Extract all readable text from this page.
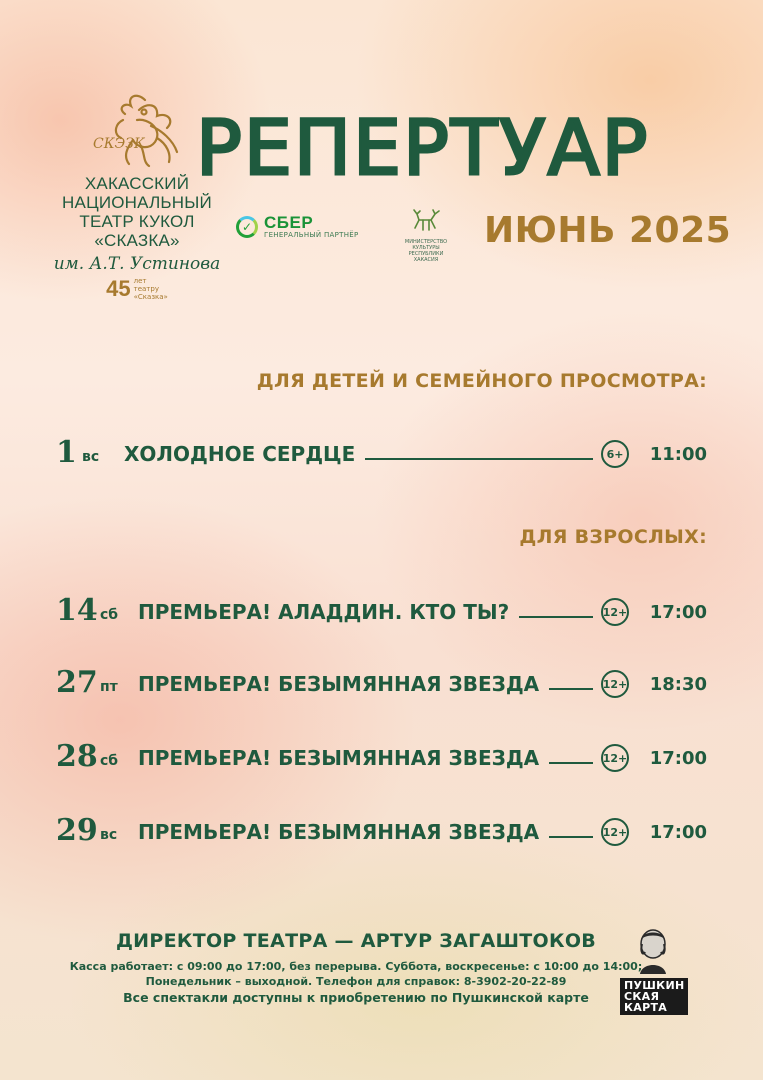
СКЭЗК
ХАКАССКИЙ
НАЦИОНАЛЬНЫЙ
ТЕАТР КУКОЛ
«СКАЗКА»
им. А.Т. Устинова
45 лет
театру
«Сказка»
РЕПЕРТУАР
✓ СБЕР
ГЕНЕРАЛЬНЫЙ ПАРТНЁР
МИНИСТЕРСТВО КУЛЬТУРЫ
РЕСПУБЛИКИ ХАКАСИЯ
ИЮНЬ 2025
ДЛЯ ДЕТЕЙ И СЕМЕЙНОГО ПРОСМОТРА:
1 вс	ХОЛОДНОЕ СЕРДЦЕ	6+	11:00
ДЛЯ ВЗРОСЛЫХ:
14 сб ПРЕМЬЕРА! АЛАДДИН. КТО ТЫ?	12+	17:00
27 пт	ПРЕМЬЕРА! БЕЗЫМЯННАЯ ЗВЕЗДА	12+	18:30
28 сб ПРЕМЬЕРА! БЕЗЫМЯННАЯ ЗВЕЗДА	12+	17:00
29 вс	ПРЕМЬЕРА! БЕЗЫМЯННАЯ ЗВЕЗДА	12+	17:00
ДИРЕКТОР ТЕАТРА — АРТУР ЗАГАШТОКОВ
Касса работает: с 09:00 до 17:00, без перерыва. Суббота, воскресенье: с 10:00 до 14:00;
Понедельник – выходной. Телефон для справок: 8-3902-20-22-89
Все спектакли доступны к приобретению по Пушкинской карте
ПУШКИН
СКАЯ
КАРТА
